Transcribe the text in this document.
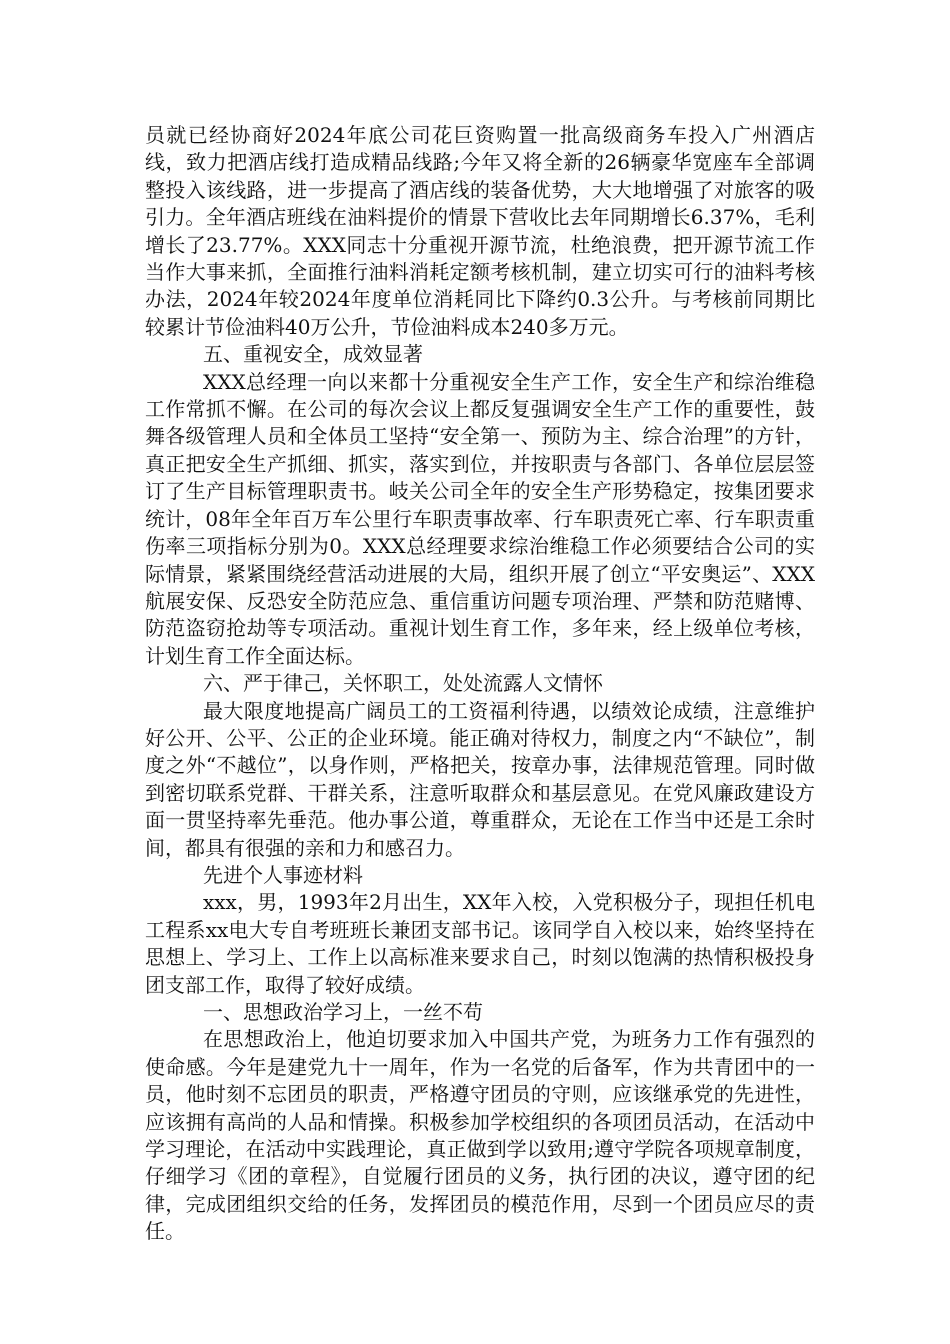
员就已经协商好2024年底公司花巨资购置一批高级商务车投入广州酒店线，致力把酒店线打造成精品线路;今年又将全新的26辆豪华宽座车全部调整投入该线路，进一步提高了酒店线的装备优势，大大地增强了对旅客的吸引力。全年酒店班线在油料提价的情景下营收比去年同期增长6.37%，毛利增长了23.77%。XXX同志十分重视开源节流，杜绝浪费，把开源节流工作当作大事来抓，全面推行油料消耗定额考核机制，建立切实可行的油料考核办法，2024年较2024年度单位消耗同比下降约0.3公升。与考核前同期比较累计节俭油料40万公升，节俭油料成本240多万元。

五、重视安全，成效显著

XXX总经理一向以来都十分重视安全生产工作，安全生产和综治维稳工作常抓不懈。在公司的每次会议上都反复强调安全生产工作的重要性，鼓舞各级管理人员和全体员工坚持“安全第一、预防为主、综合治理”的方针，真正把安全生产抓细、抓实，落实到位，并按职责与各部门、各单位层层签订了生产目标管理职责书。岐关公司全年的安全生产形势稳定，按集团要求统计，08年全年百万车公里行车职责事故率、行车职责死亡率、行车职责重伤率三项指标分别为0。XXX总经理要求综治维稳工作必须要结合公司的实际情景，紧紧围绕经营活动进展的大局，组织开展了创立“平安奥运”、XXX航展安保、反恐安全防范应急、重信重访问题专项治理、严禁和防范赌博、防范盗窃抢劫等专项活动。重视计划生育工作，多年来，经上级单位考核，计划生育工作全面达标。

六、严于律己，关怀职工，处处流露人文情怀

最大限度地提高广阔员工的工资福利待遇，以绩效论成绩，注意维护好公开、公平、公正的企业环境。能正确对待权力，制度之内“不缺位”，制度之外“不越位”，以身作则，严格把关，按章办事，法律规范管理。同时做到密切联系党群、干群关系，注意听取群众和基层意见。在党风廉政建设方面一贯坚持率先垂范。他办事公道，尊重群众，无论在工作当中还是工余时间，都具有很强的亲和力和感召力。

先进个人事迹材料

xxx，男，1993年2月出生，XX年入校，入党积极分子，现担任机电工程系xx电大专自考班班长兼团支部书记。该同学自入校以来，始终坚持在思想上、学习上、工作上以高标准来要求自己，时刻以饱满的热情积极投身团支部工作，取得了较好成绩。

一、思想政治学习上，一丝不苟

在思想政治上，他迫切要求加入中国共产党，为班务力工作有强烈的使命感。今年是建党九十一周年，作为一名党的后备军，作为共青团中的一员，他时刻不忘团员的职责，严格遵守团员的守则，应该继承党的先进性，应该拥有高尚的人品和情操。积极参加学校组织的各项团员活动，在活动中学习理论，在活动中实践理论，真正做到学以致用;遵守学院各项规章制度，仔细学习《团的章程》，自觉履行团员的义务，执行团的决议，遵守团的纪律，完成团组织交给的任务，发挥团员的模范作用，尽到一个团员应尽的责任。
